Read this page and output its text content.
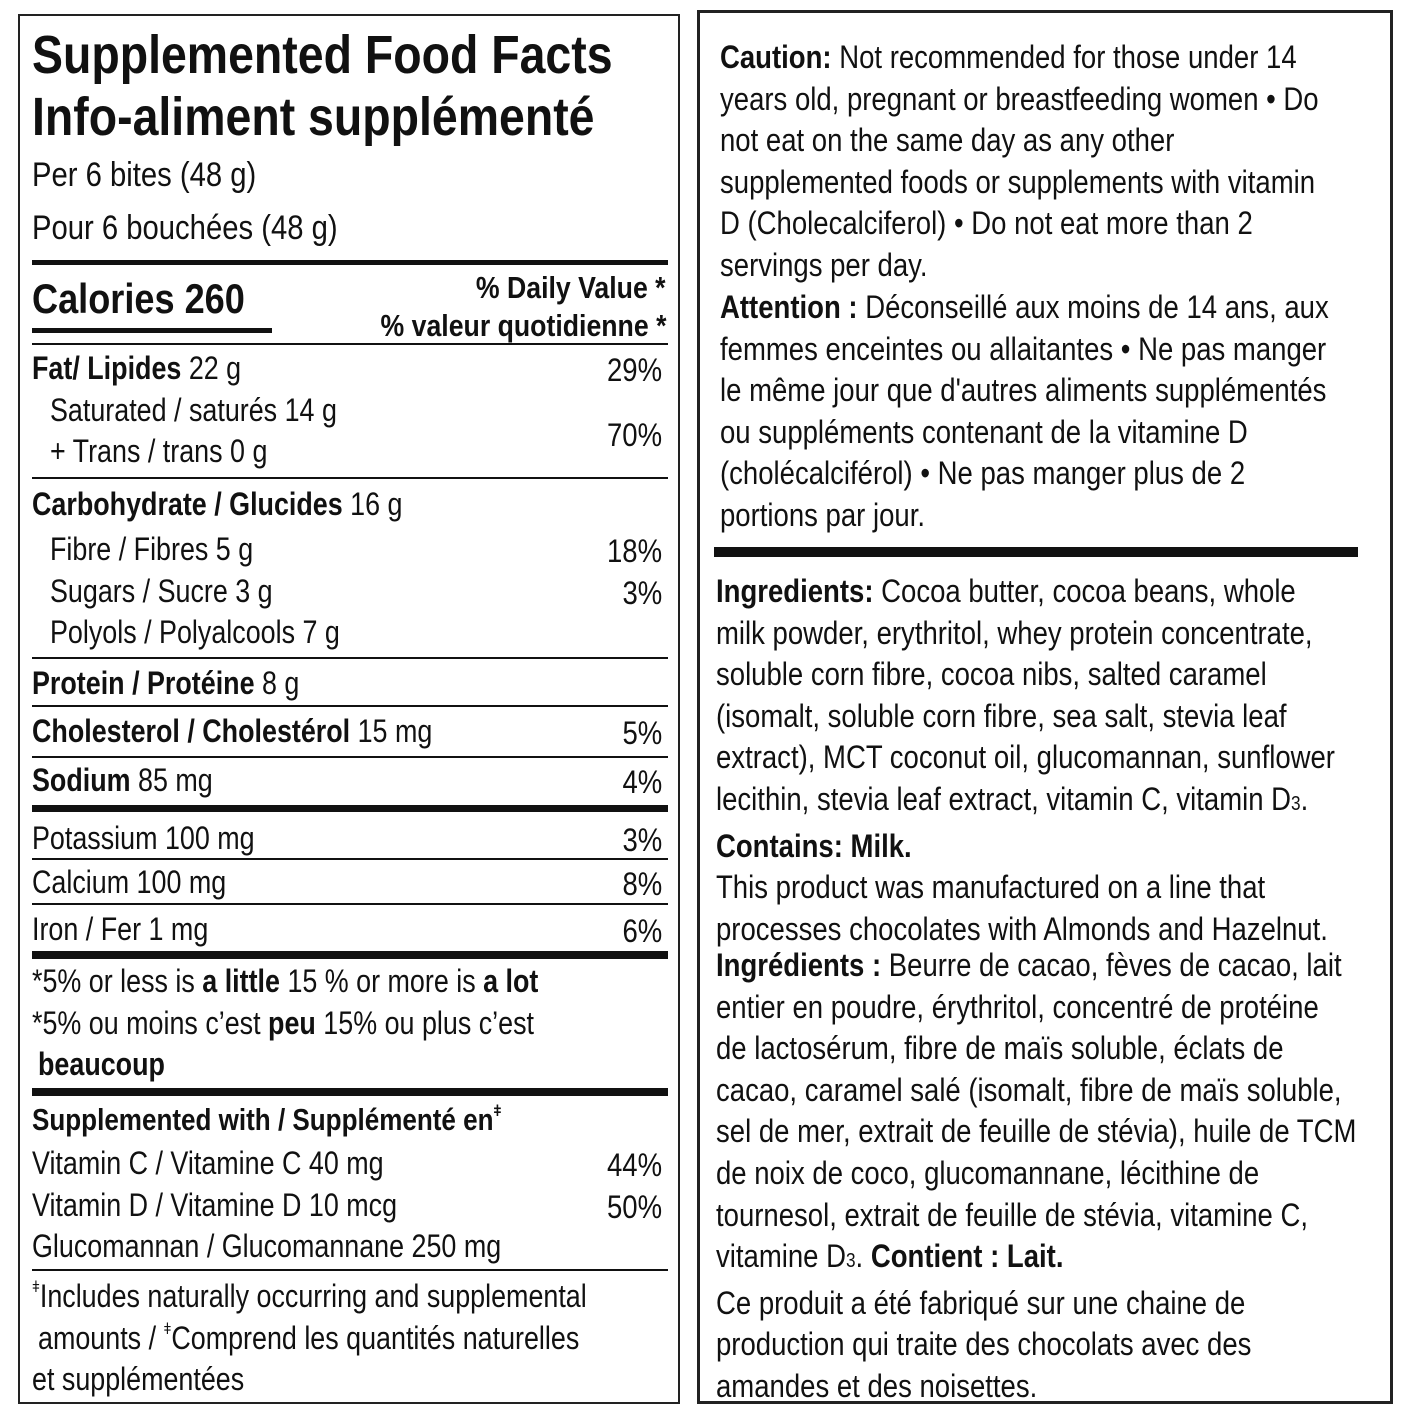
Supplemented Food Facts
Info-aliment supplémenté
Per 6 bites (48 g)
Pour 6 bouchées (48 g)
Calories 260	% Daily Value *
% valeur quotidienne *
Fat/ Lipides 22 g	29%
Saturated / saturés 14 g
+ Trans / trans 0 g	70%
Carbohydrate / Glucides 16 g
Fibre / Fibres 5 g	18%
Sugars / Sucre 3 g	3%
Polyols / Polyalcools 7 g
Protein / Protéine 8 g
Cholesterol / Cholestérol 15 mg	5%
Sodium 85 mg	4%
Potassium 100 mg	3%
Calcium 100 mg	8%
Iron / Fer 1 mg	6%
*5% or less is a little 15 % or more is a lot
*5% ou moins c’est peu 15% ou plus c’est
beaucoup
Supplemented with / Supplémenté $en^ǂ$
Vitamin C / Vitamine C 40 mg	44%
Vitamin D / Vitamine D 10 mcg	50%
Glucomannan / Glucomannane 250 mg
$^ǂ$Includes naturally occurring and supplemental
amounts / $^ǂ$Comprend les quantités naturelles
et supplémentées
Caution: Not recommended for those under 14
years old, pregnant or breastfeeding women • Do
not eat on the same day as any other
supplemented foods or supplements with vitamin
D (Cholecalciferol) • Do not eat more than 2
servings per day.
Attention : Déconseillé aux moins de 14 ans, aux
femmes enceintes ou allaitantes • Ne pas manger
le même jour que d'autres aliments supplémentés
ou suppléments contenant de la vitamine D
(cholécalciférol) • Ne pas manger plus de 2
portions par jour.
Ingredients: Cocoa butter, cocoa beans, whole
milk powder, erythritol, whey protein concentrate,
soluble corn fibre, cocoa nibs, salted caramel
(isomalt, soluble corn fibre, sea salt, stevia leaf
extract), MCT coconut oil, glucomannan, sunflower
lecithin, stevia leaf extract, vitamin C, vitamin D3.
Contains: Milk.
This product was manufactured on a line that
processes chocolates with Almonds and Hazelnut.
Ingrédients : Beurre de cacao, fèves de cacao, lait
entier en poudre, érythritol, concentré de protéine
de lactosérum, fibre de maïs soluble, éclats de
cacao, caramel salé (isomalt, fibre de maïs soluble,
sel de mer, extrait de feuille de stévia), huile de TCM
de noix de coco, glucomannane, lécithine de
tournesol, extrait de feuille de stévia, vitamine C,
vitamine D3. Contient : Lait.
Ce produit a été fabriqué sur une chaine de
production qui traite des chocolats avec des
amandes et des noisettes.
